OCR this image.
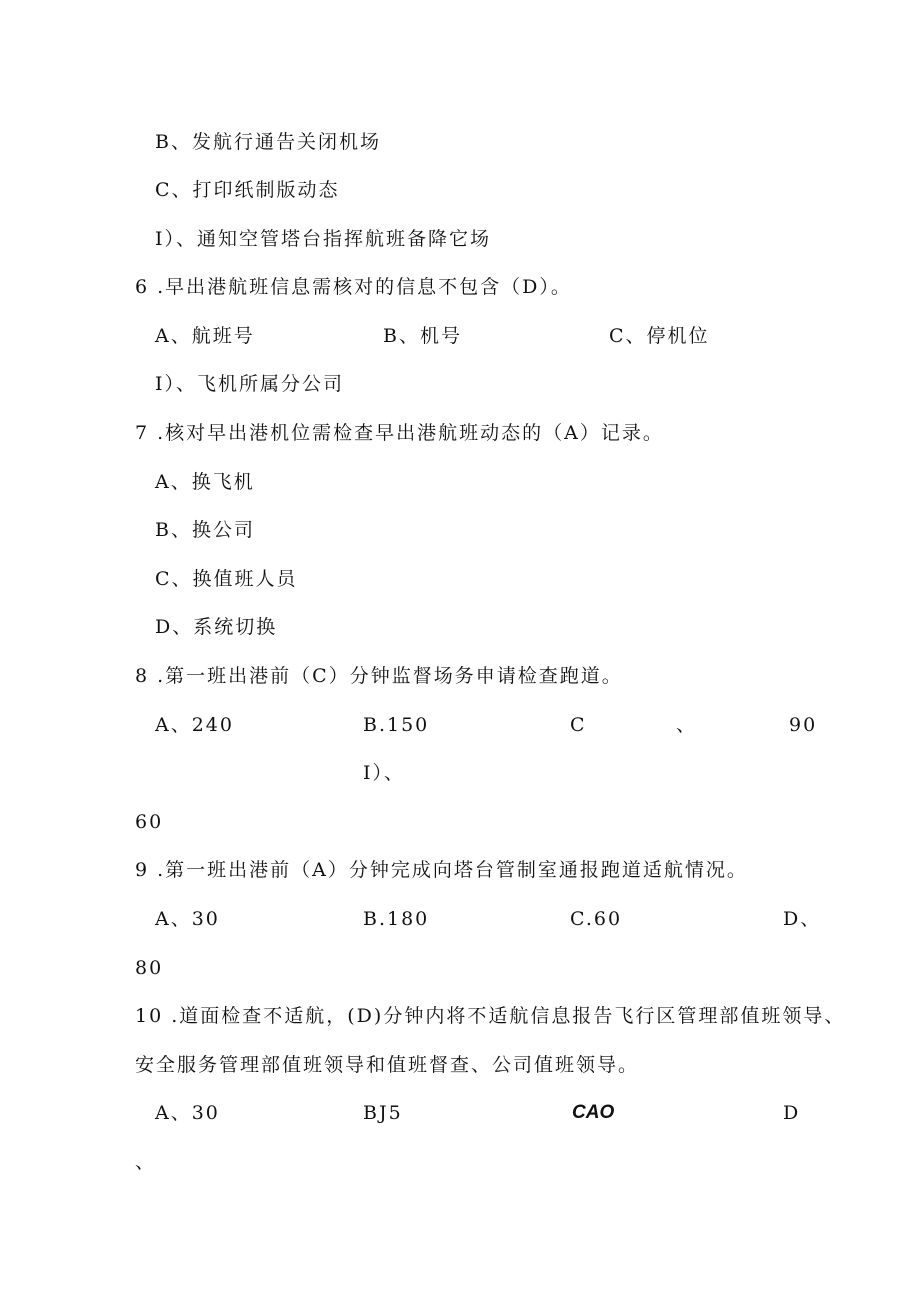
B、发航行通告关闭机场
C、打印纸制版动态
I）、通知空管塔台指挥航班备降它场
6 .早出港航班信息需核对的信息不包含（D）。
A、航班号	B、机号	C、停机位
I）、飞机所属分公司
7 .核对早出港机位需检查早出港航班动态的（A）记录。
A、换飞机
B、换公司
C、换值班人员
D、系统切换
8 .第一班出港前（C）分钟监督场务申请检查跑道。
A、240	B.150	C	、	90
I）、
60
9 .第一班出港前（A）分钟完成向塔台管制室通报跑道适航情况。
A、30	B.180	C.60	D、
80
10 .道面检查不适航，(D)分钟内将不适航信息报告飞行区管理部值班领导、
安全服务管理部值班领导和值班督查、公司值班领导。
A、30	BJ5	CAO	D
、
